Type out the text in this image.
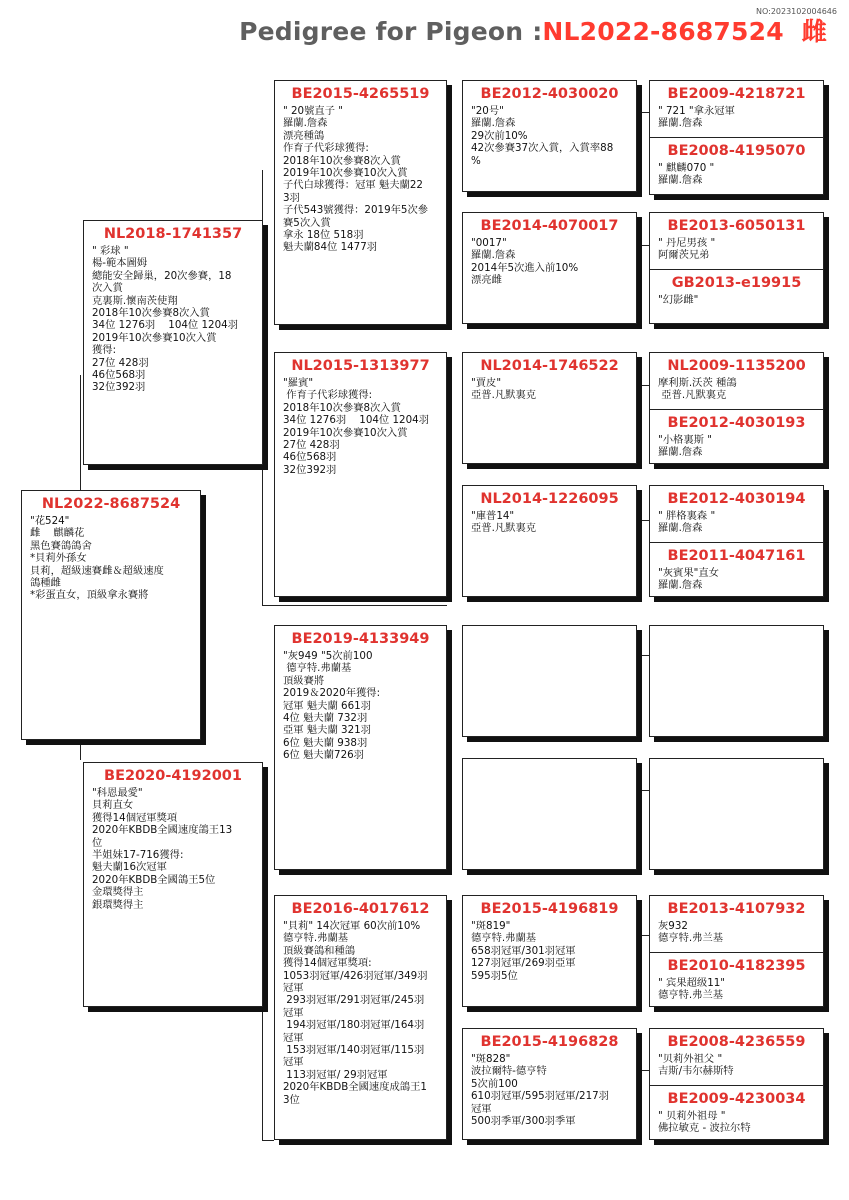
NO:2023102004646
Pedigree for Pigeon :NL2022-8687524 雌
NL2022-8687524
"花524"
雌    麒麟花
黑色賽鴿鴿舍
*貝莉外孫女
貝莉，超級速賽雌＆超級速度
鴿種雌
*彩蛋直女，頂級拿永賽將
NL2018-1741357
" 彩球 "
楊-範本圖姆
總能安全歸巢，20次參賽，18
次入賞
克裏斯.懷南茨使翔
2018年10次參賽8次入賞
34位 1276羽    104位 1204羽
2019年10次參賽10次入賞
獲得:
27位 428羽
46位568羽
32位392羽
BE2020-4192001
"科恩最愛"
貝莉直女
獲得14個冠軍獎項
2020年KBDB全國速度鴿王13
位
半姐妹17-716獲得:
魁夫蘭16次冠軍
2020年KBDB全國鴿王5位
金環獎得主
銀環獎得主
BE2015-4265519
" 20號直子 "
羅蘭.詹森
漂亮種鴿
作育子代彩球獲得:
2018年10次參賽8次入賞
2019年10次參賽10次入賞
子代白球獲得：冠軍 魁夫蘭22
3羽
子代543號獲得：2019年5次參
賽5次入賞
拿永 18位 518羽
魁夫蘭84位 1477羽
NL2015-1313977
"羅賓"
作育子代彩球獲得:
2018年10次參賽8次入賞
34位 1276羽    104位 1204羽
2019年10次參賽10次入賞
27位 428羽
46位568羽
32位392羽
BE2019-4133949
"灰949 "5次前100
德亨特.弗蘭基
頂級賽將
2019＆2020年獲得:
冠軍 魁夫蘭 661羽
4位 魁夫蘭 732羽
亞軍 魁夫蘭 321羽
6位 魁夫蘭 938羽
6位 魁夫蘭726羽
BE2016-4017612
"貝莉" 14次冠軍 60次前10%
德亨特.弗蘭基
頂級賽鴿和種鴿
獲得14個冠軍獎項:
1053羽冠軍/426羽冠軍/349羽
冠軍
293羽冠軍/291羽冠軍/245羽
冠軍
194羽冠軍/180羽冠軍/164羽
冠軍
153羽冠軍/140羽冠軍/115羽
冠軍
113羽冠軍/ 29羽冠軍
2020年KBDB全國速度成鴿王1
3位
BE2012-4030020
"20号"
羅蘭.詹森
29次前10%
42次參賽37次入賞，入賞率88
%
BE2014-4070017
"0017"
羅蘭.詹森
2014年5次進入前10%
漂亮雌
NL2014-1746522
"賈皮"
亞普.凡默裏克
NL2014-1226095
"庫普14"
亞普.凡默裏克
BE2015-4196819
"斑819"
德亨特.弗蘭基
658羽冠軍/301羽冠軍
127羽冠軍/269羽亞軍
595羽5位
BE2015-4196828
"斑828"
波拉爾特-德亨特
5次前100
610羽冠軍/595羽冠軍/217羽
冠軍
500羽季軍/300羽季軍
BE2009-4218721
" 721 "拿永冠軍
羅蘭.詹森
BE2008-4195070
" 麒麟070 "
羅蘭.詹森
BE2013-6050131
" 丹尼男孩 "
阿爾茨兄弟
GB2013-e19915
"幻影雌"
NL2009-1135200
摩利斯.沃茨 種鴿
亞普.凡默裏克
BE2012-4030193
"小格裏斯 "
羅蘭.詹森
BE2012-4030194
" 胖格裏森 "
羅蘭.詹森
BE2011-4047161
"灰賓果"直女
羅蘭.詹森
BE2013-4107932
灰932
德亨特.弗兰基
BE2010-4182395
" 宾果超级11"
德亨特.弗兰基
BE2008-4236559
"贝莉外祖父 "
吉斯/韦尔赫斯特
BE2009-4230034
" 贝莉外祖母 "
佛拉敏克 - 波拉尔特
